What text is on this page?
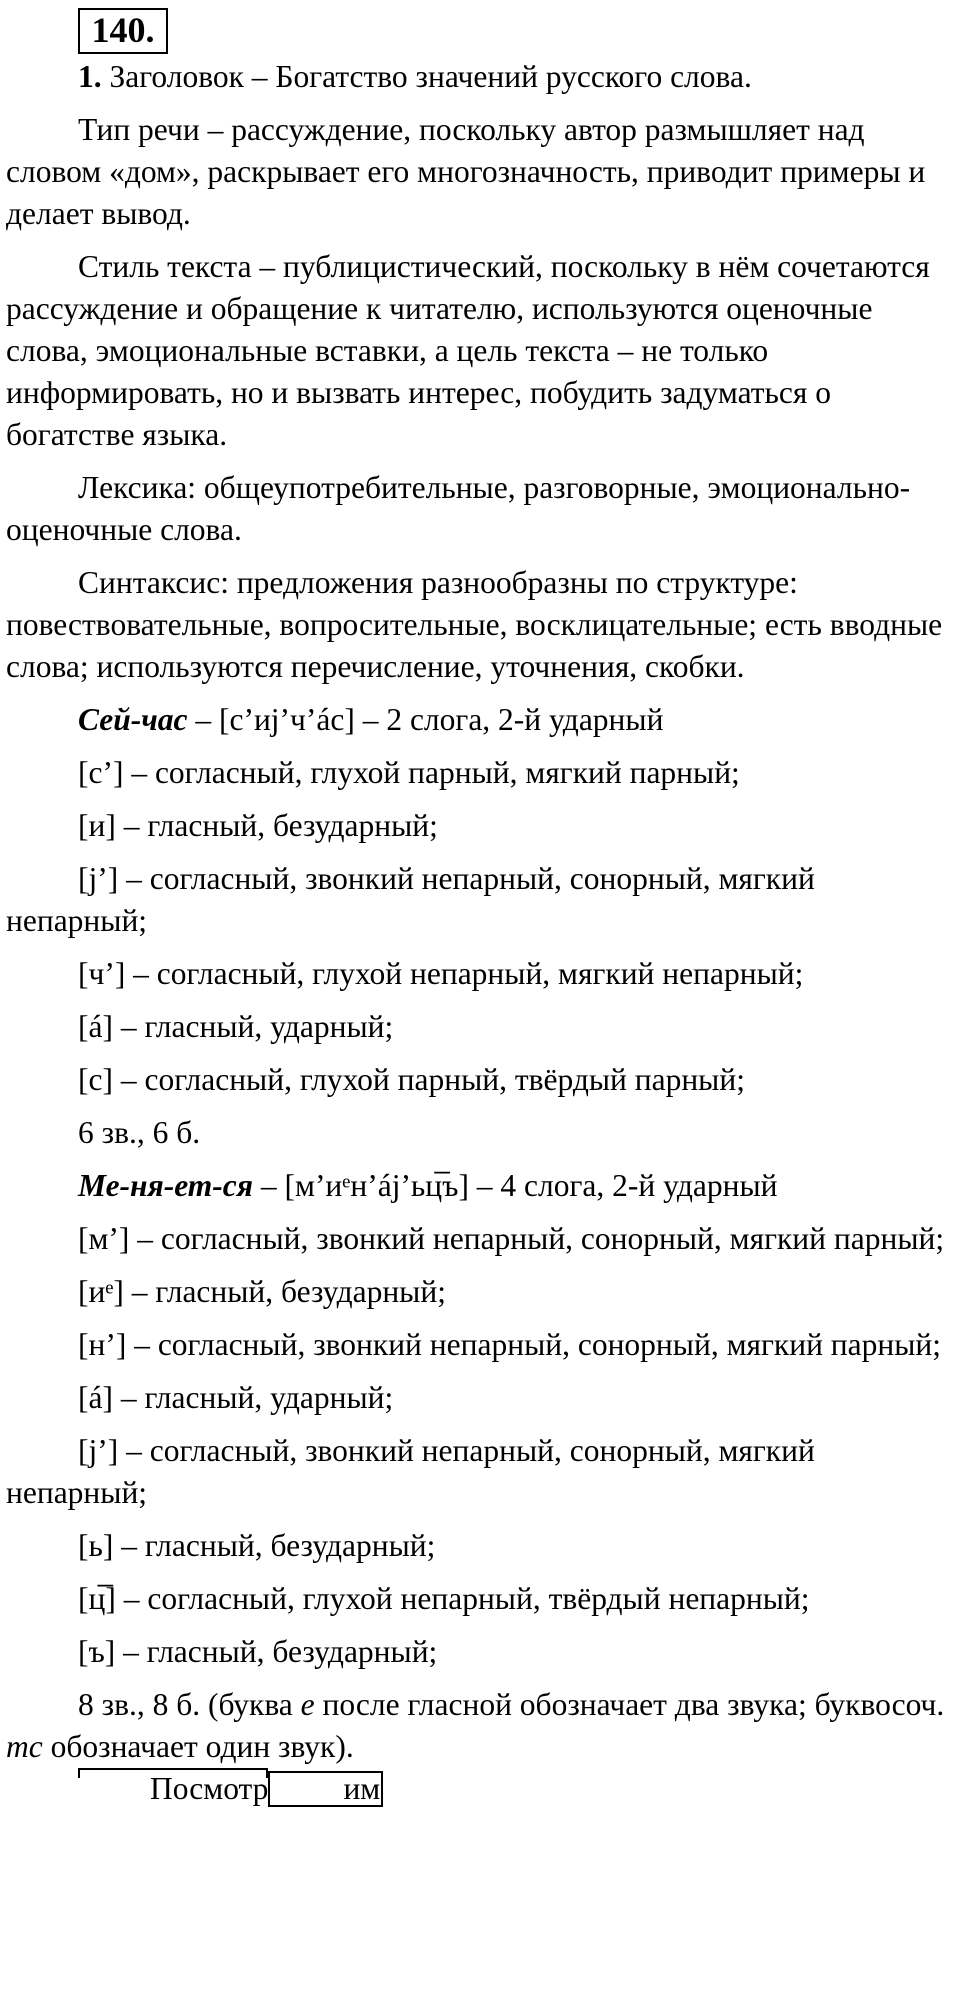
140.

1. Заголовок – Богатство значений русского слова.

Тип речи – рассуждение, поскольку автор размышляет над словом «дом», раскрывает его многозначность, приводит примеры и делает вывод.

Стиль текста – публицистический, поскольку в нём сочетаются рассуждение и обращение к читателю, используются оценочные слова, эмоциональные вставки, а цель текста – не только информировать, но и вызвать интерес, побудить задуматься о богатстве языка.

Лексика: общеупотребительные, разговорные, эмоционально-оценочные слова.

Синтаксис: предложения разнообразны по структуре: повествовательные, вопросительные, восклицательные; есть вводные слова; используются перечисление, уточнения, скобки.

Сей-час – [с’иj’ч’áс] – 2 слога, 2-й ударный

[с’] – согласный, глухой парный, мягкий парный;

[и] – гласный, безударный;

[j’] – согласный, звонкий непарный, сонорный, мягкий непарный;

[ч’] – согласный, глухой непарный, мягкий непарный;

[á] – гласный, ударный;

[с] – согласный, глухой парный, твёрдый парный;

6 зв., 6 б.

Ме-ня-ет-ся – [м’иᵉн’áj’ьц̅ъ] – 4 слога, 2-й ударный

[м’] – согласный, звонкий непарный, сонорный, мягкий парный;

[иᵉ] – гласный, безударный;

[н’] – согласный, звонкий непарный, сонорный, мягкий парный;

[á] – гласный, ударный;

[j’] – согласный, звонкий непарный, сонорный, мягкий непарный;

[ь] – гласный, безударный;

[ц̅] – согласный, глухой непарный, твёрдый непарный;

[ъ] – гласный, безударный;

8 зв., 8 б. (буква е после гласной обозначает два звука; буквосоч. тс обозначает один звук).

Посмотр им
